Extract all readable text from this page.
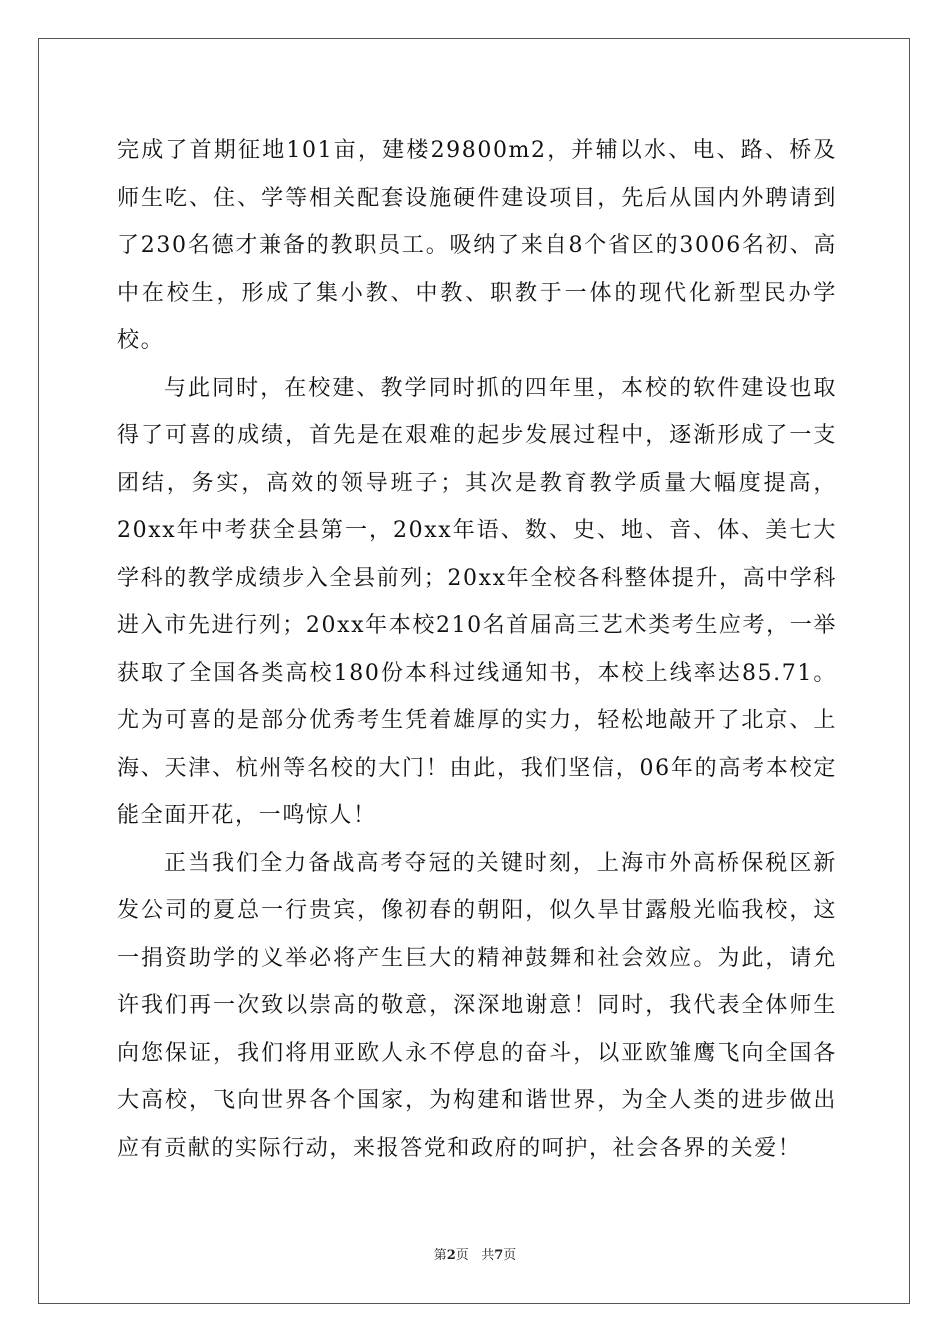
完成了首期征地101亩，建楼29800m2，并辅以水、电、路、桥及师生吃、住、学等相关配套设施硬件建设项目，先后从国内外聘请到了230名德才兼备的教职员工。吸纳了来自8个省区的3006名初、高中在校生，形成了集小教、中教、职教于一体的现代化新型民办学校。

与此同时，在校建、教学同时抓的四年里，本校的软件建设也取得了可喜的成绩，首先是在艰难的起步发展过程中，逐渐形成了一支团结，务实，高效的领导班子；其次是教育教学质量大幅度提高，20xx年中考获全县第一，20xx年语、数、史、地、音、体、美七大学科的教学成绩步入全县前列；20xx年全校各科整体提升，高中学科进入市先进行列；20xx年本校210名首届高三艺术类考生应考，一举获取了全国各类高校180份本科过线通知书，本校上线率达85.71。尤为可喜的是部分优秀考生凭着雄厚的实力，轻松地敲开了北京、上海、天津、杭州等名校的大门！由此，我们坚信，06年的高考本校定能全面开花，一鸣惊人！

正当我们全力备战高考夺冠的关键时刻，上海市外高桥保税区新发公司的夏总一行贵宾，像初春的朝阳，似久旱甘露般光临我校，这一捐资助学的义举必将产生巨大的精神鼓舞和社会效应。为此，请允许我们再一次致以崇高的敬意，深深地谢意！同时，我代表全体师生向您保证，我们将用亚欧人永不停息的奋斗，以亚欧雏鹰飞向全国各大高校，飞向世界各个国家，为构建和谐世界，为全人类的进步做出应有贡献的实际行动，来报答党和政府的呵护，社会各界的关爱！

第2页 共7页
